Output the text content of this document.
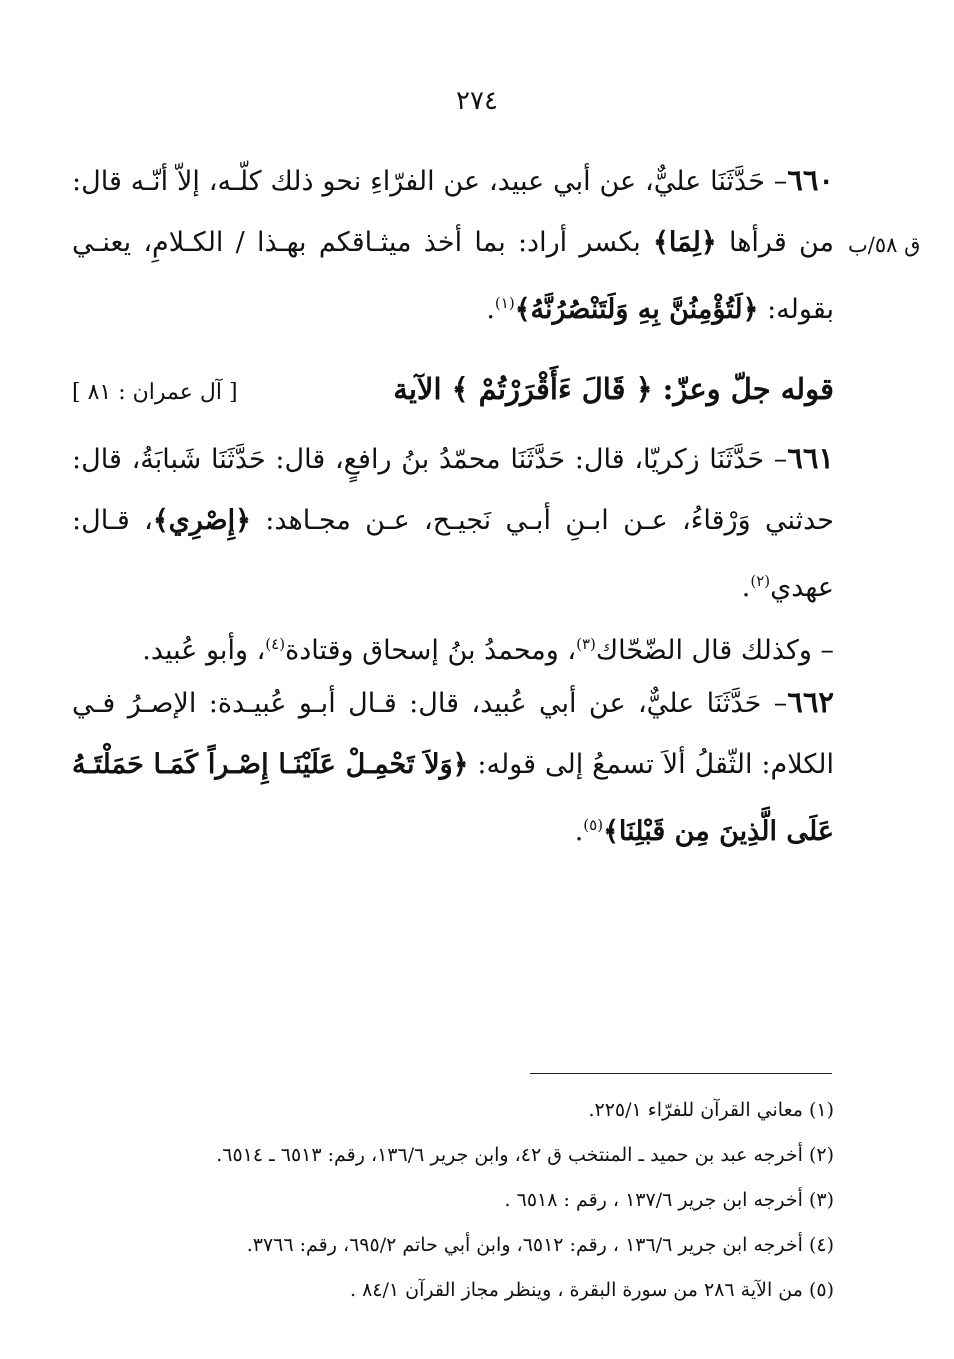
٢٧٤
٦٦٠– حَدَّثَنَا عليٌّ، عن أبي عبيد، عن الفرّاءِ نحو ذلك كلّـه، إلاّ أنّـه قال: من قرأها ﴿لِمَا﴾ بكسر أراد: بما أخذ ميثـاقكم بهـذا / الكـلامِ، يعنـي بقوله: ﴿لَتُؤْمِنُنَّ بِهِ وَلَتَنْصُرُنَّهُ﴾$^{(١)}$.
ق ٥٨/ب
قوله جلّ وعزّ: ﴿ قَالَ ءَأَقْرَرْتُمْ ﴾ الآية
[ آل عمران : ٨١ ]
٦٦١– حَدَّثَنَا زكريّا، قال: حَدَّثَنَا محمّدُ بنُ رافعٍ، قال: حَدَّثَنَا شَبابَةُ، قال: حدثني وَرْقاءُ، عـن ابـنِ أبـي نَجيـح، عـن مجـاهد: ﴿إِصْرِي﴾، قـال: عهدي$^{(٢)}$.
– وكذلك قال الضّحّاك$^{(٣)}$، ومحمدُ بنُ إسحاق وقتادة$^{(٤)}$، وأبو عُبيد.
٦٦٢– حَدَّثَنَا عليٌّ، عن أبي عُبيد، قال: قـال أبـو عُبيـدة: الإصـرُ فـي الكلام: الثّقلُ ألاَ تسمعُ إلى قوله: ﴿وَلاَ تَحْمِـلْ عَلَيْنَـا إِصْـراً كَمَـا حَمَلْتَـهُ عَلَى الَّذِينَ مِن قَبْلِنَا﴾$^{(٥)}$.
(١) معاني القرآن للفرّاء ٢٢٥/١.
(٢) أخرجه عبد بن حميد ـ المنتخب ق ٤٢، وابن جرير ١٣٦/٦، رقم: ٦٥١٣ ـ ٦٥١٤.
(٣) أخرجه ابن جرير ١٣٧/٦ ، رقم : ٦٥١٨ .
(٤) أخرجه ابن جرير ١٣٦/٦ ، رقم: ٦٥١٢، وابن أبي حاتم ٦٩٥/٢، رقم: ٣٧٦٦.
(٥) من الآية ٢٨٦ من سورة البقرة ، وينظر مجاز القرآن ٨٤/١ .
